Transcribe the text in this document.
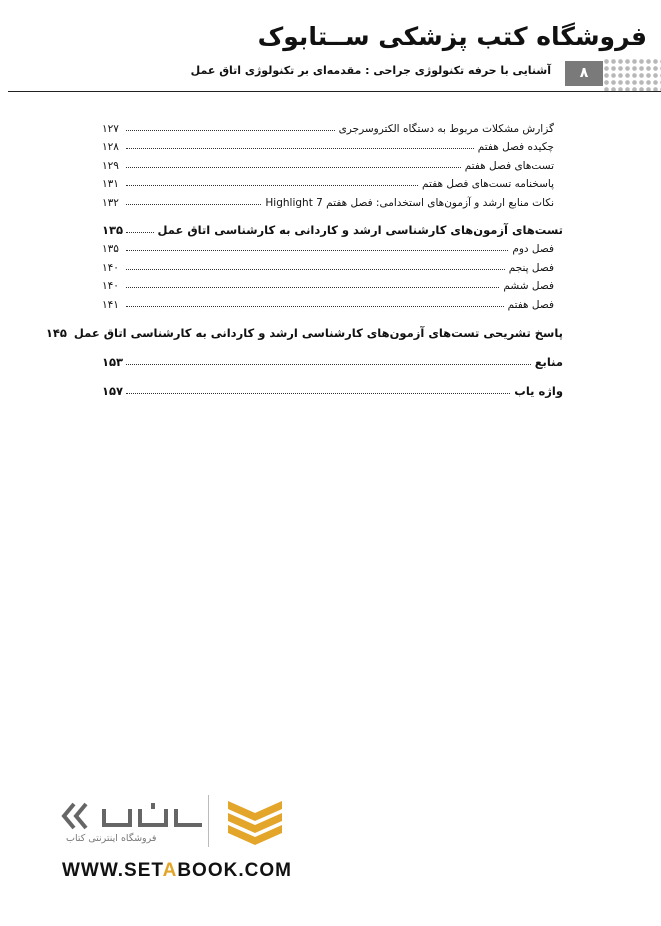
فروشگاه کتب پزشکی ســتابوک
۸
آشنایی با حرفه تکنولوژی جراحی : مقدمه‌ای بر تکنولوژی اتاق عمل
گزارش مشکلات مربوط به دستگاه الکتروسرجری
۱۲۷
چکیده فصل هفتم
۱۲۸
تست‌های فصل هفتم
۱۲۹
پاسخنامه تست‌های فصل هفتم
۱۳۱
نکات منابع ارشد و آزمون‌های استخدامی: فصل هفتم Highlight 7
۱۳۲
تست‌های آزمون‌های کارشناسی ارشد و کاردانی به کارشناسی اتاق عمل
۱۳۵
فصل دوم
۱۳۵
فصل پنجم
۱۴۰
فصل ششم
۱۴۰
فصل هفتم
۱۴۱
پاسخ تشریحی تست‌های آزمون‌های کارشناسی ارشد و کاردانی به کارشناسی اتاق عمل
۱۴۵
منابع
۱۵۳
واژه یاب
۱۵۷
فروشگاه اینترنتی کتاب
WWW.SETABOOK.COM
